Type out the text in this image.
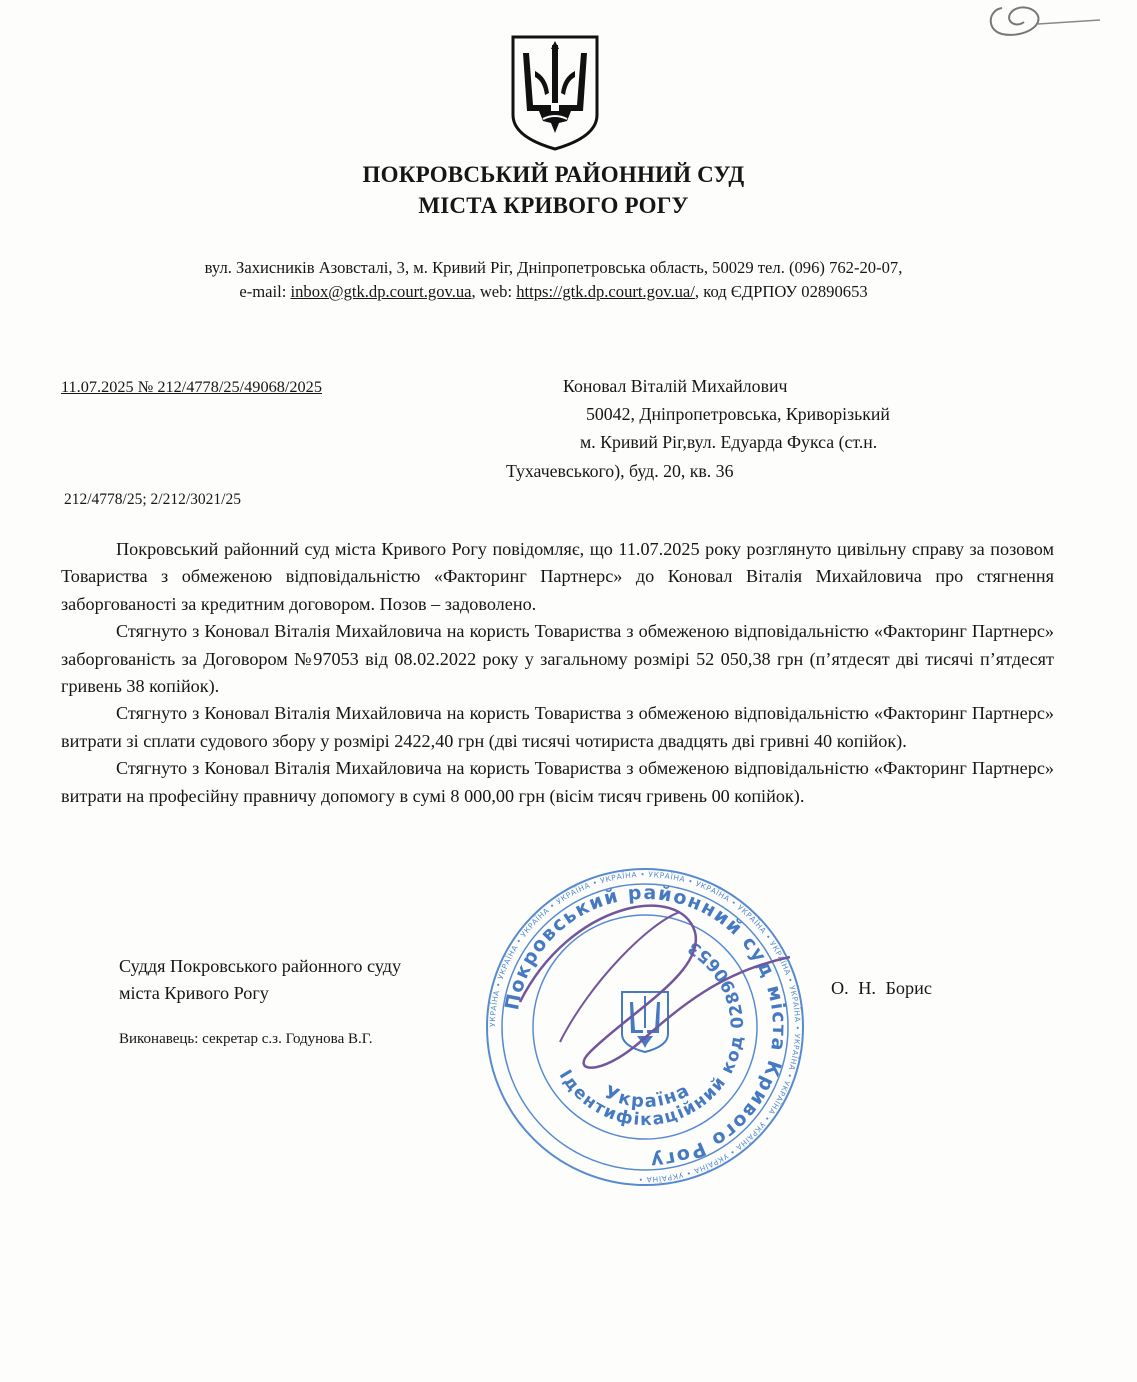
ПОКРОВСЬКИЙ РАЙОННИЙ СУД
МІСТА КРИВОГО РОГУ
вул. Захисників Азовсталі, 3, м. Кривий Ріг, Дніпропетровська область, 50029 тел. (096) 762-20-07,
e-mail: inbox@gtk.dp.court.gov.ua, web: https://gtk.dp.court.gov.ua/, код ЄДРПОУ 02890653
11.07.2025 № 212/4778/25/49068/2025
212/4778/25; 2/212/3021/25
Коновал Віталій Михайлович
50042, Дніпропетровська, Криворізький
м. Кривий Ріг,вул. Едуарда Фукса (ст.н.
Тухачевського), буд. 20, кв. 36

Покровський районний суд міста Кривого Рогу повідомляє, що 11.07.2025 року розглянуто цивільну справу за позовом Товариства з обмеженою відповідальністю «Факторинг Партнерс» до Коновал Віталія Михайловича про стягнення заборгованості за кредитним договором. Позов – задоволено.

Стягнуто з Коновал Віталія Михайловича на користь Товариства з обмеженою відповідальністю «Факторинг Партнерс» заборгованість за Договором №97053 від 08.02.2022 року у загальному розмірі 52 050,38 грн (п’ятдесят дві тисячі п’ятдесят гривень 38 копійок).

Стягнуто з Коновал Віталія Михайловича на користь Товариства з обмеженою відповідальністю «Факторинг Партнерс» витрати зі сплати судового збору у розмірі 2422,40 грн (дві тисячі чотириста двадцять дві гривні 40 копійок).

Стягнуто з Коновал Віталія Михайловича на користь Товариства з обмеженою відповідальністю «Факторинг Партнерс» витрати на професійну правничу допомогу в сумі 8 000,00 грн (вісім тисяч гривень 00 копійок).

Суддя Покровського районного суду
міста Кривого Рогу	О. Н. Борис
Виконавець: секретар с.з. Годунова В.Г.
УКРАЇНА • УКРАЇНА • УКРАЇНА • УКРАЇНА • УКРАЇНА • УКРАЇНА • УКРАЇНА • УКРАЇНА • УКРАЇНА • УКРАЇНА • УКРАЇНА • УКРАЇНА • УКРАЇНА • УКРАЇНА • УКРАЇНА •
Покровський районний суд міста Кривого Рогу
Ідентифікаційний код 02890653
Україна
